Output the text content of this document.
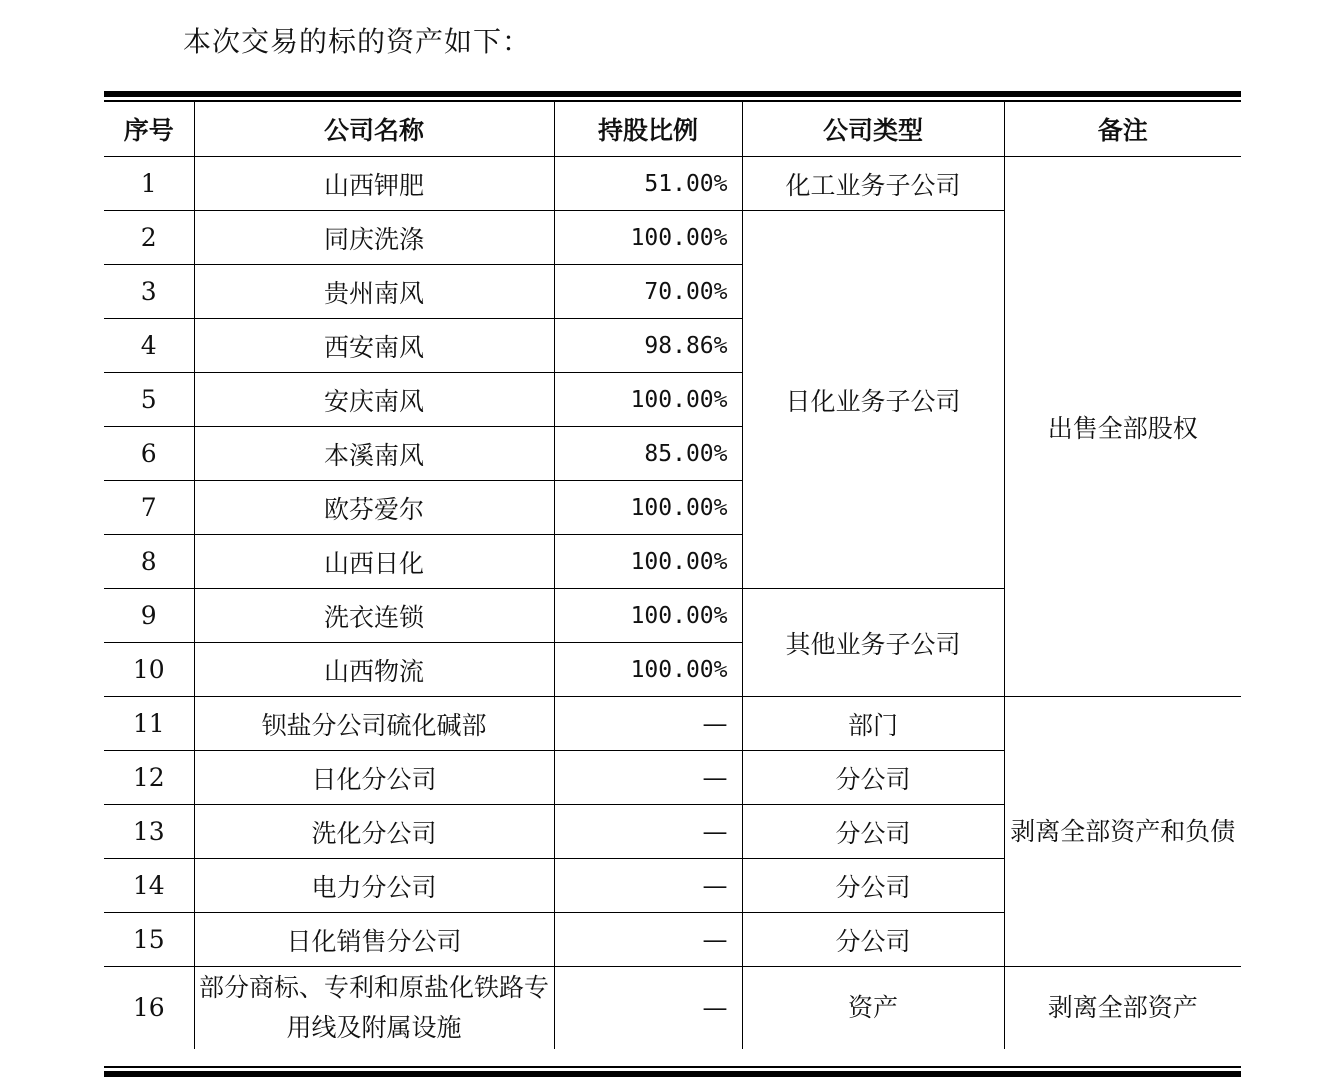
本次交易的标的资产如下：
序号	公司名称	持股比例	公司类型	备注
1	山西钾肥	51.00%	化工业务子公司	出售全部股权
2	同庆洗涤	100.00%	日化业务子公司	
3	贵州南风	70.00%		
4	西安南风	98.86%		
5	安庆南风	100.00%		
6	本溪南风	85.00%		
7	欧芬爱尔	100.00%		
8	山西日化	100.00%		
9	洗衣连锁	100.00%	其他业务子公司	
10	山西物流	100.00%		
11	钡盐分公司硫化碱部	—	部门	剥离全部资产和负债
12	日化分公司	—	分公司	
13	洗化分公司	—	分公司	
14	电力分公司	—	分公司	
15	日化销售分公司	—	分公司	
16	部分商标、专利和原盐化铁路专用线及附属设施	—	资产	剥离全部资产
